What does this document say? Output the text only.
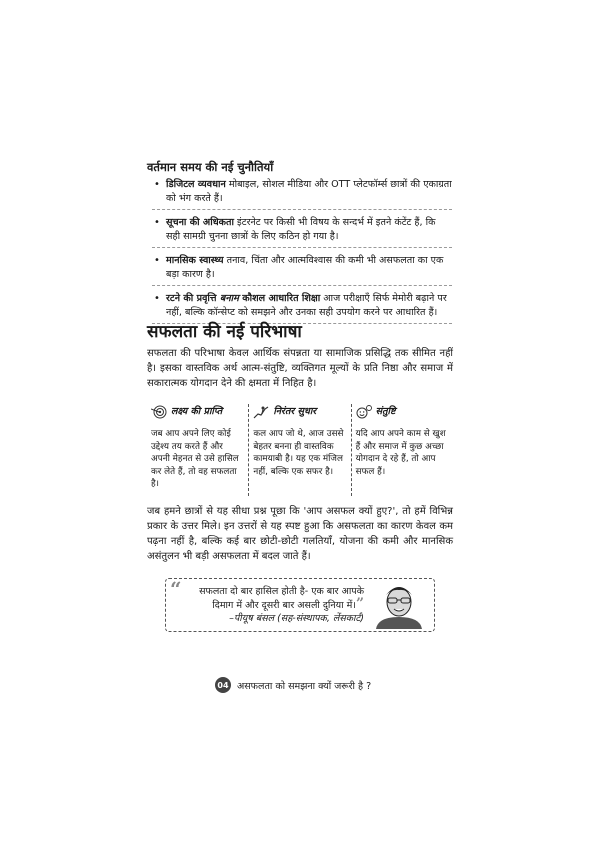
वर्तमान समय की नई चुनौतियाँ
• डिजिटल व्यवधान मोबाइल, सोशल मीडिया और OTT प्लेटफॉर्म्स छात्रों की एकाग्रता को भंग करते हैं।
• सूचना की अधिकता इंटरनेट पर किसी भी विषय के सन्दर्भ में इतने कंटेंट हैं, कि सही सामग्री चुनना छात्रों के लिए कठिन हो गया है।
• मानसिक स्वास्थ्य तनाव, चिंता और आत्मविश्वास की कमी भी असफलता का एक बड़ा कारण है।
• रटने की प्रवृत्ति बनाम कौशल आधारित शिक्षा आज परीक्षाएँ सिर्फ मेमोरी बढ़ाने पर नहीं, बल्कि कॉन्सेप्ट को समझने और उनका सही उपयोग करने पर आधारित हैं।
सफलता की नई परिभाषा
सफलता की परिभाषा केवल आर्थिक संपन्नता या सामाजिक प्रसिद्धि तक सीमित नहीं है। इसका वास्तविक अर्थ आत्म-संतुष्टि, व्यक्तिगत मूल्यों के प्रति निष्ठा और समाज में सकारात्मक योगदान देने की क्षमता में निहित है।
लक्ष्य की प्राप्ति
जब आप अपने लिए कोई उद्देश्य तय करते हैं और अपनी मेहनत से उसे हासिल कर लेते हैं, तो वह सफलता है।
निरंतर सुधार
कल आप जो थे, आज उससे बेहतर बनना ही वास्तविक कामयाबी है। यह एक मंजिल नहीं, बल्कि एक सफर है।
संतुष्टि
यदि आप अपने काम से खुश हैं और समाज में कुछ अच्छा योगदान दे रहे हैं, तो आप सफल हैं।
जब हमने छात्रों से यह सीधा प्रश्न पूछा कि 'आप असफल क्यों हुए?', तो हमें विभिन्न प्रकार के उत्तर मिले। इन उत्तरों से यह स्पष्ट हुआ कि असफलता का कारण केवल कम पढ़ना नहीं है, बल्कि कई बार छोटी-छोटी गलतियाँ, योजना की कमी और मानसिक असंतुलन भी बड़ी असफलता में बदल जाते हैं।
“	सफलता दो बार हासिल होती है- एक बार आपके दिमाग में और दूसरी बार असली दुनिया में।”
–पीयूष बंसल (सह-संस्थापक, लेंसकार्ट)
04 असफलता को समझना क्यों जरूरी है ?
